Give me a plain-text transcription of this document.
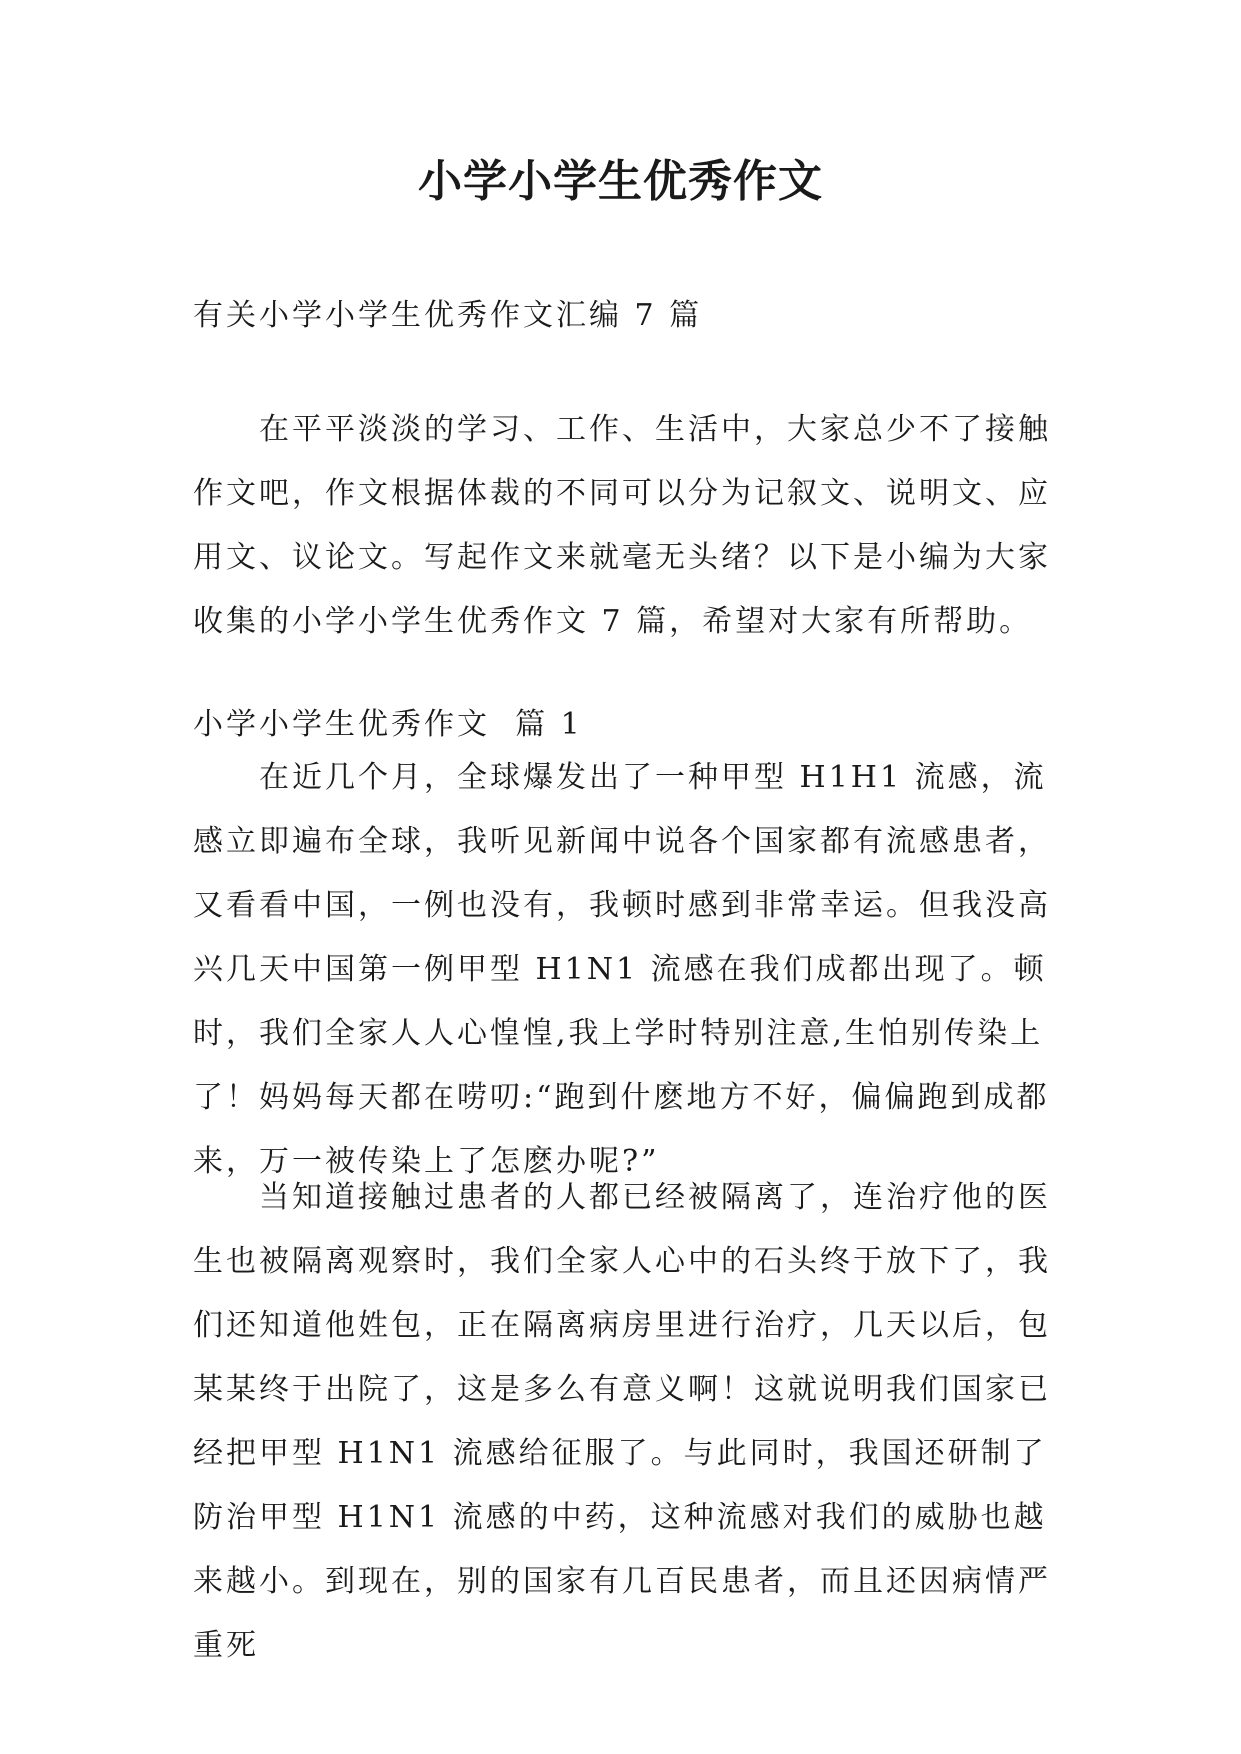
小学小学生优秀作文
有关小学小学生优秀作文汇编 7 篇

在平平淡淡的学习、工作、生活中，大家总少不了接触作文吧，作文根据体裁的不同可以分为记叙文、说明文、应用文、议论文。写起作文来就毫无头绪？以下是小编为大家收集的小学小学生优秀作文 7 篇，希望对大家有所帮助。

小学小学生优秀作文  篇 1

在近几个月，全球爆发出了一种甲型 H1H1 流感，流感立即遍布全球，我听见新闻中说各个国家都有流感患者，又看看中国，一例也没有，我顿时感到非常幸运。但我没高兴几天中国第一例甲型 H1N1 流感在我们成都出现了。顿时，我们全家人人心惶惶,我上学时特别注意,生怕别传染上了！妈妈每天都在唠叨:“跑到什麽地方不好，偏偏跑到成都来，万一被传染上了怎麽办呢?”

当知道接触过患者的人都已经被隔离了，连治疗他的医生也被隔离观察时，我们全家人心中的石头终于放下了，我们还知道他姓包，正在隔离病房里进行治疗，几天以后，包某某终于出院了，这是多么有意义啊！这就说明我们国家已经把甲型 H1N1 流感给征服了。与此同时，我国还研制了防治甲型 H1N1 流感的中药，这种流感对我们的威胁也越来越小。到现在，别的国家有几百民患者，而且还因病情严重死
